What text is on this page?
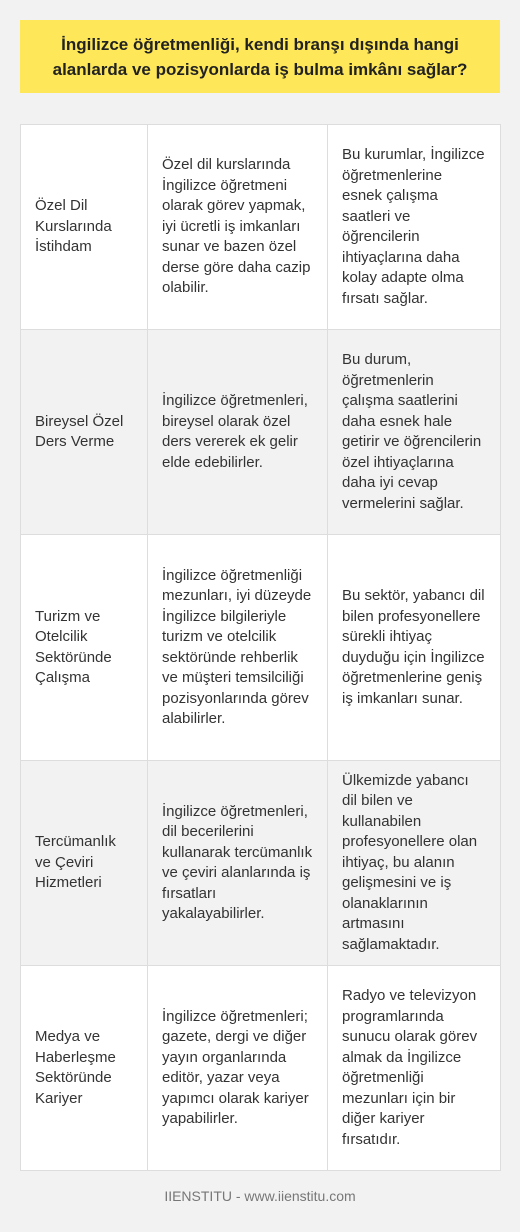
İngilizce öğretmenliği, kendi branşı dışında hangi alanlarda ve pozisyonlarda iş bulma imkânı sağlar?
Özel Dil Kurslarında İstihdam	Özel dil kurslarında İngilizce öğretmeni olarak görev yapmak, iyi ücretli iş imkanları sunar ve bazen özel derse göre daha cazip olabilir.	Bu kurumlar, İngilizce öğretmenlerine esnek çalışma saatleri ve öğrencilerin ihtiyaçlarına daha kolay adapte olma fırsatı sağlar.
Bireysel Özel Ders Verme	İngilizce öğretmenleri, bireysel olarak özel ders vererek ek gelir elde edebilirler.	Bu durum, öğretmenlerin çalışma saatlerini daha esnek hale getirir ve öğrencilerin özel ihtiyaçlarına daha iyi cevap vermelerini sağlar.
Turizm ve Otelcilik Sektöründe Çalışma	İngilizce öğretmenliği mezunları, iyi düzeyde İngilizce bilgileriyle turizm ve otelcilik sektöründe rehberlik ve müşteri temsilciliği pozisyonlarında görev alabilirler.	Bu sektör, yabancı dil bilen profesyonellere sürekli ihtiyaç duyduğu için İngilizce öğretmenlerine geniş iş imkanları sunar.
Tercümanlık ve Çeviri Hizmetleri	İngilizce öğretmenleri, dil becerilerini kullanarak tercümanlık ve çeviri alanlarında iş fırsatları yakalayabilirler.	Ülkemizde yabancı dil bilen ve kullanabilen profesyonellere olan ihtiyaç, bu alanın gelişmesini ve iş olanaklarının artmasını sağlamaktadır.
Medya ve Haberleşme Sektöründe Kariyer	İngilizce öğretmenleri; gazete, dergi ve diğer yayın organlarında editör, yazar veya yapımcı olarak kariyer yapabilirler.	Radyo ve televizyon programlarında sunucu olarak görev almak da İngilizce öğretmenliği mezunları için bir diğer kariyer fırsatıdır.
IIENSTITU - www.iienstitu.com
